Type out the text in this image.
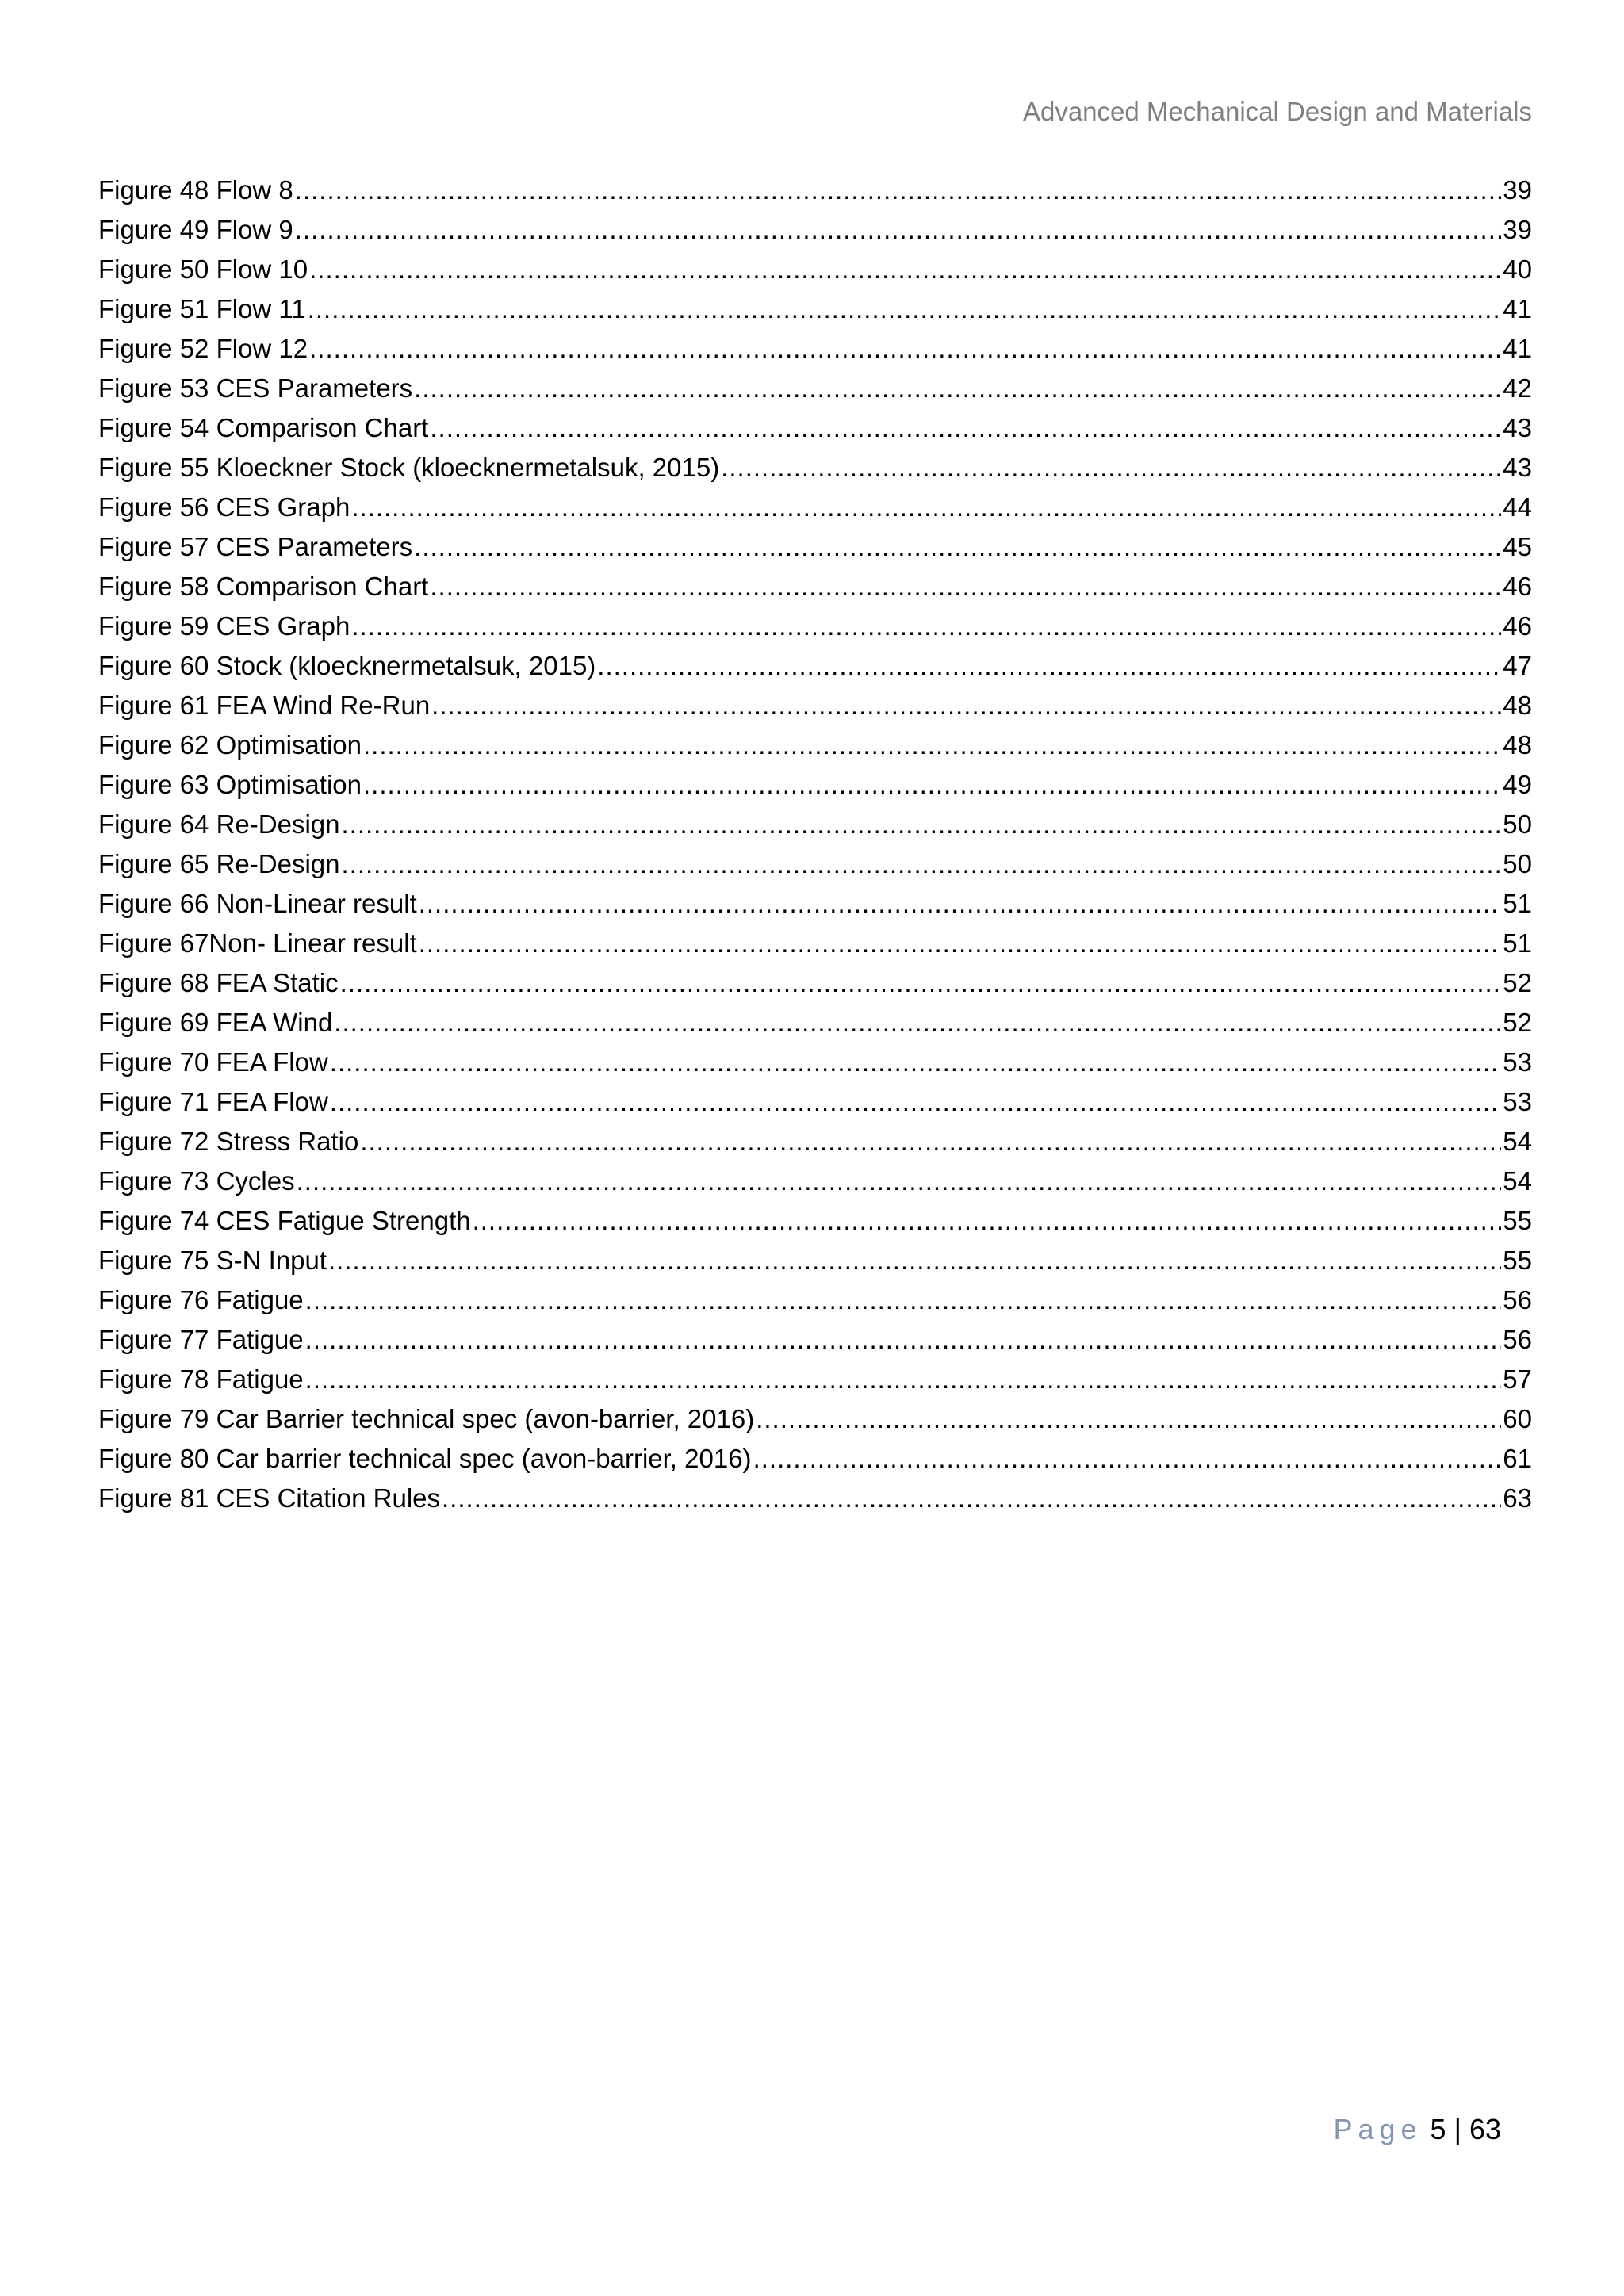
Advanced Mechanical Design and Materials
Figure 48 Flow 8 .....	39
Figure 49 Flow 9 .....	39
Figure 50 Flow 10 .....	40
Figure 51 Flow 11 .....	41
Figure 52 Flow 12 .....	41
Figure 53 CES Parameters .....	42
Figure 54 Comparison Chart .....	43
Figure 55 Kloeckner Stock (kloecknermetalsuk, 2015) .....	43
Figure 56 CES Graph .....	44
Figure 57 CES Parameters .....	45
Figure 58 Comparison Chart .....	46
Figure 59 CES Graph .....	46
Figure 60 Stock (kloecknermetalsuk, 2015) .....	47
Figure 61 FEA Wind Re-Run .....	48
Figure 62 Optimisation .....	48
Figure 63 Optimisation .....	49
Figure 64 Re-Design .....	50
Figure 65 Re-Design .....	50
Figure 66 Non-Linear result .....	51
Figure 67Non- Linear result .....	51
Figure 68 FEA Static .....	52
Figure 69 FEA Wind .....	52
Figure 70 FEA Flow .....	53
Figure 71 FEA Flow .....	53
Figure 72 Stress Ratio .....	54
Figure 73 Cycles .....	54
Figure 74 CES Fatigue Strength .....	55
Figure 75 S-N Input .....	55
Figure 76 Fatigue .....	56
Figure 77 Fatigue .....	56
Figure 78 Fatigue .....	57
Figure 79 Car Barrier technical spec (avon-barrier, 2016) .....	60
Figure 80 Car barrier technical spec (avon-barrier, 2016) .....	61
Figure 81 CES Citation Rules .....	63
Page 5 | 63
